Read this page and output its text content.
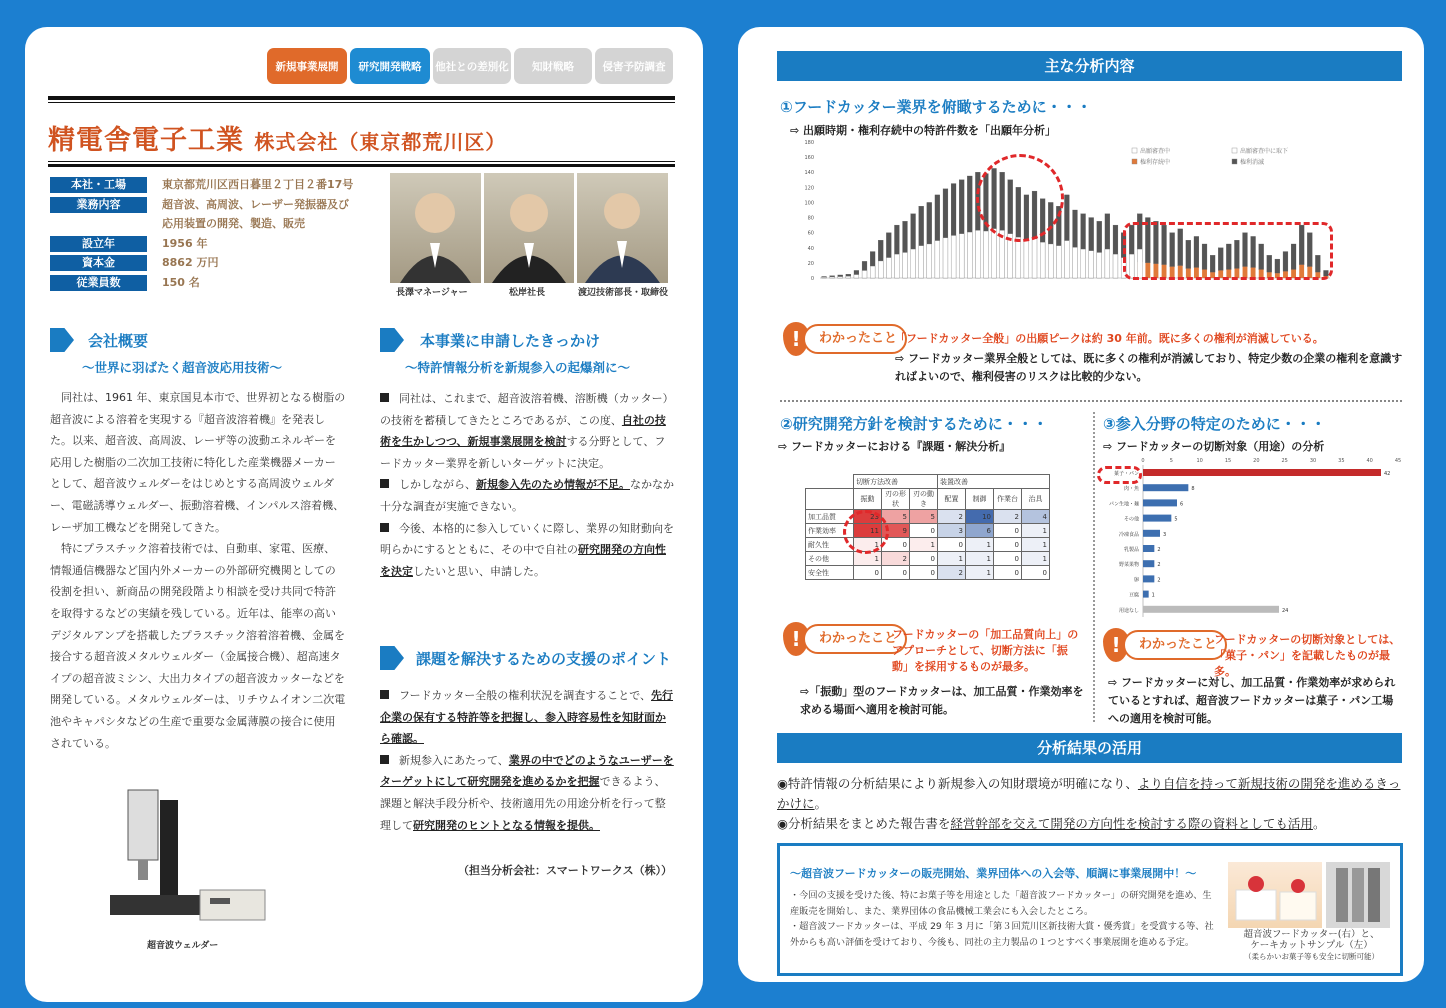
新規事業展開	研究開発戦略	他社との差別化	知財戦略	侵害予防調査
精電舎電子工業 株式会社（東京都荒川区）
本社・工場	東京都荒川区西日暮里２丁目２番17号
業務内容	超音波、高周波、レーザー発振器及び
応用装置の開発、製造、販売
設立年	1956 年
資本金	8862 万円
従業員数	150 名
長澤マネージャー	松岸社長	渡辺技術部長・取締役
会社概要
～世界に羽ばたく超音波応用技術～
　同社は、1961 年、東京国見本市で、世界初となる樹脂の超音波による溶着を実現する『超音波溶着機』を発表した。以来、超音波、高周波、レーザ等の波動エネルギーを応用した樹脂の二次加工技術に特化した産業機器メーカーとして、超音波ウェルダーをはじめとする高周波ウェルダー、電磁誘導ウェルダー、振動溶着機、インパルス溶着機、レーザ加工機などを開発してきた。
　特にプラスチック溶着技術では、自動車、家電、医療、情報通信機器など国内外メーカーの外部研究機関としての役割を担い、新商品の開発段階より相談を受け共同で特許を取得するなどの実績を残している。近年は、能率の高いデジタルアンプを搭載したプラスチック溶着溶着機、金属を接合する超音波メタルウェルダー（金属接合機）、超高速タイプの超音波ミシン、大出力タイプの超音波カッターなどを開発している。メタルウェルダーは、リチウムイオン二次電池やキャパシタなどの生産で重要な金属薄膜の接合に使用されている。
超音波ウェルダー
本事業に申請したきっかけ
～特許情報分析を新規参入の起爆剤に～
同社は、これまで、超音波溶着機、溶断機（カッター）の技術を蓄積してきたところであるが、この度、自社の技術を生かしつつ、新規事業展開を検討する分野として、フードカッター業界を新しいターゲットに決定。
しかしながら、新規参入先のため情報が不足。なかなか十分な調査が実施できない。
今後、本格的に参入していくに際し、業界の知財動向を明らかにするとともに、その中で自社の研究開発の方向性を決定したいと思い、申請した。
課題を解決するための支援のポイント
フードカッター全般の権利状況を調査することで、先行企業の保有する特許等を把握し、参入時容易性を知財面から確認。
新規参入にあたって、業界の中でどのようなユーザーをターゲットにして研究開発を進めるかを把握できるよう、課題と解決手段分析や、技術適用先の用途分析を行って整理して研究開発のヒントとなる情報を提供。
（担当分析会社：スマートワークス（株））
主な分析内容
①フードカッター業界を俯瞰するために・・・
⇨ 出願時期・権利存続中の特許件数を「出願年分析」
0
20
40
60
80
100
120
140
160
180
出願審査中	出願審査中に取下
権利存続中	権利消滅
!	わかったこと
「フードカッター全般」の出願ピークは約 30 年前。既に多くの権利が消滅している。
⇨ フードカッター業界全般としては、既に多くの権利が消滅しており、特定少数の企業の権利を意識すればよいので、権利侵害のリスクは比較的少ない。
②研究開発方針を検討するために・・・
⇨ フードカッターにおける『課題・解決分析』
	切断方法改善			装置改善			
	振動	刃の形状	刃の動き	配置	制御	作業台	治具
加工品質	23	5	5	2	10	2	4
作業効率	11	9	0	3	6	0	1
耐久性	1	0	1	0	1	0	1
その他	1	2	0	1	1	0	1
安全性	0	0	0	2	1	0	0
!	わかったこと
フードカッターの「加工品質向上」のアプローチとして、切断方法に「振動」を採用するものが最多。
⇨「振動」型のフードカッターは、加工品質・作業効率を求める場面へ適用を検討可能。
③参入分野の特定のために・・・
⇨ フードカッターの切断対象（用途）の分析
0	5	10	15	20	25	30	35	40	45
菓子・パン	42
肉・魚	8
パン生地・麺	6
その他	5
冷凍食品	3
乳製品	2
野菜果物	2
卵	2
豆腐	1
用途なし	24
!	わかったこと
フードカッターの切断対象としては、「菓子・パン」を記載したものが最多。
⇨ フードカッターに対し、加工品質・作業効率が求められているとすれば、超音波フードカッターは菓子・パン工場への適用を検討可能。
分析結果の活用
◉特許情報の分析結果により新規参入の知財環境が明確になり、より自信を持って新規技術の開発を進めるきっかけに。
◉分析結果をまとめた報告書を経営幹部を交えて開発の方向性を検討する際の資料としても活用。
～超音波フードカッターの販売開始、業界団体への入会等、順調に事業展開中！～
・今回の支援を受けた後、特にお菓子等を用途とした「超音波フードカッター」の研究開発を進め、生産販売を開始し、また、業界団体の食品機械工業会にも入会したところ。
・超音波フードカッターは、平成 29 年 3 月に「第３回荒川区新技術大賞・優秀賞」を受賞する等、社外からも高い評価を受けており、今後も、同社の主力製品の１つとすべく事業展開を進める予定。
超音波フードカッター(右）と、
ケーキカットサンプル（左）
（柔らかいお菓子等も安全に切断可能）
